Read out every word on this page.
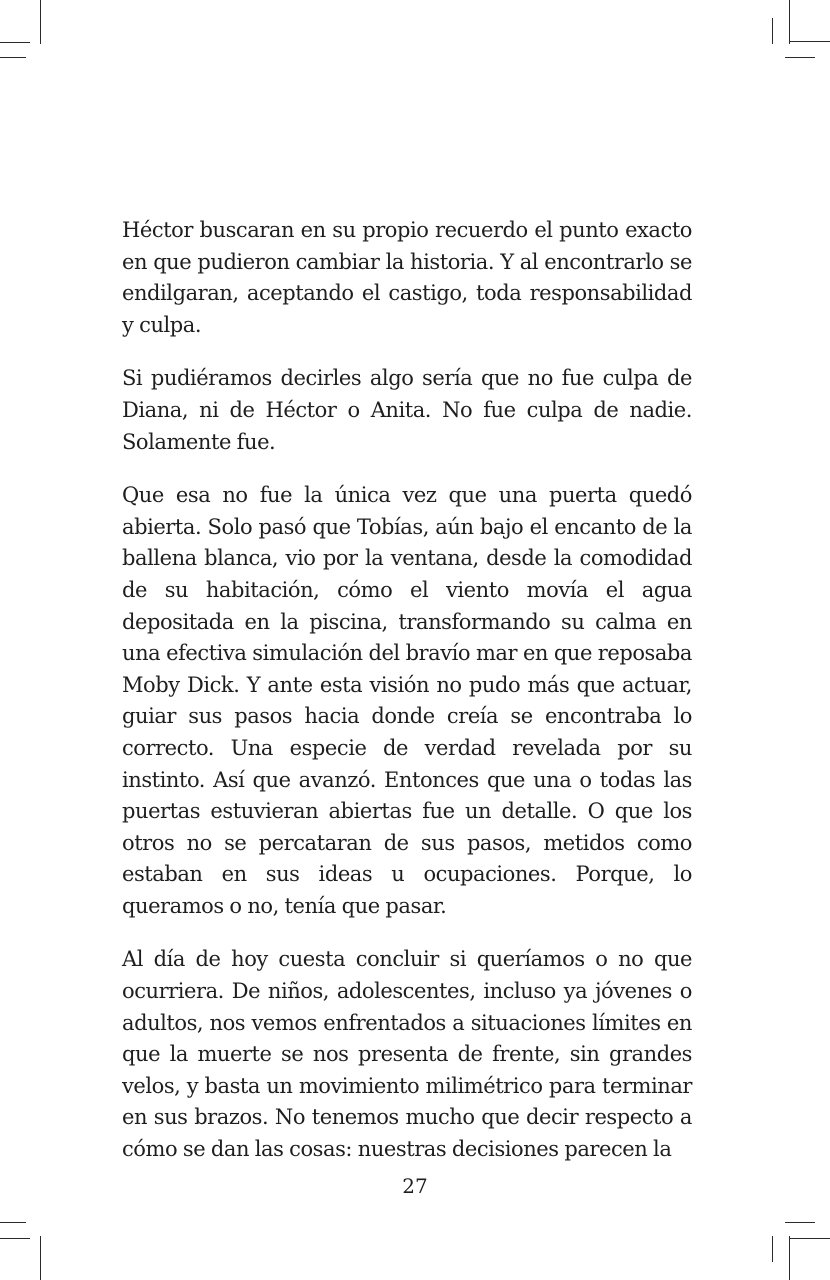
Héctor buscaran en su propio recuerdo el punto exacto en que pudieron cambiar la historia. Y al encontrarlo se endilgaran, aceptando el castigo, toda responsabilidad y culpa.

Si pudiéramos decirles algo sería que no fue culpa de Diana, ni de Héctor o Anita. No fue culpa de nadie. Solamente fue.

Que esa no fue la única vez que una puerta quedó abierta. Solo pasó que Tobías, aún bajo el encanto de la ballena blanca, vio por la ventana, desde la comodidad de su habitación, cómo el viento movía el agua depositada en la piscina, transformando su calma en una efectiva simulación del bravío mar en que reposaba Moby Dick. Y ante esta visión no pudo más que actuar, guiar sus pasos hacia donde creía se encontraba lo correcto. Una especie de verdad revelada por su instinto. Así que avanzó. Entonces que una o todas las puertas estuvieran abiertas fue un detalle. O que los otros no se percataran de sus pasos, metidos como estaban en sus ideas u ocupaciones. Porque, lo queramos o no, tenía que pasar.

Al día de hoy cuesta concluir si queríamos o no que ocurriera. De niños, adolescentes, incluso ya jóvenes o adultos, nos vemos enfrentados a situaciones límites en que la muerte se nos presenta de frente, sin grandes velos, y basta un movimiento milimétrico para terminar en sus brazos. No tenemos mucho que decir respecto a cómo se dan las cosas: nuestras decisiones parecen la

27
